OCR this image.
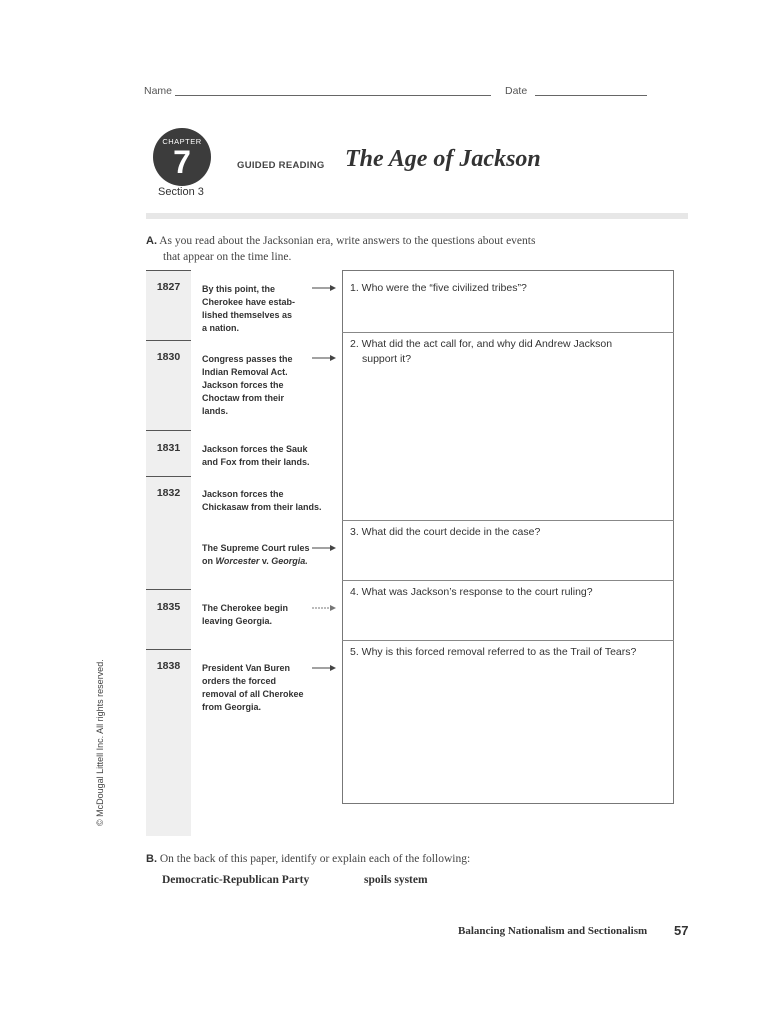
Name	Date
CHAPTER
7
Section 3
GUIDED READING The Age of Jackson
A. As you read about the Jacksonian era, write answers to the questions about events
that appear on the time line.
1827	By this point, the
Cherokee have estab-
lished themselves as
a nation.
1830	Congress passes the
Indian Removal Act.
Jackson forces the
Choctaw from their
lands.
1831	Jackson forces the Sauk
and Fox from their lands.
1832	Jackson forces the
Chickasaw from their lands.
The Supreme Court rules
on Worcester v. Georgia.
1835	The Cherokee begin
leaving Georgia.
1838	President Van Buren
orders the forced
removal of all Cherokee
from Georgia.
1. Who were the “five civilized tribes”?
2. What did the act call for, and why did Andrew Jackson
support it?
3. What did the court decide in the case?
4. What was Jackson’s response to the court ruling?
5. Why is this forced removal referred to as the Trail of Tears?
© McDougal Littell Inc. All rights reserved.
B. On the back of this paper, identify or explain each of the following:
Democratic-Republican Party	spoils system
Balancing Nationalism and Sectionalism 57
